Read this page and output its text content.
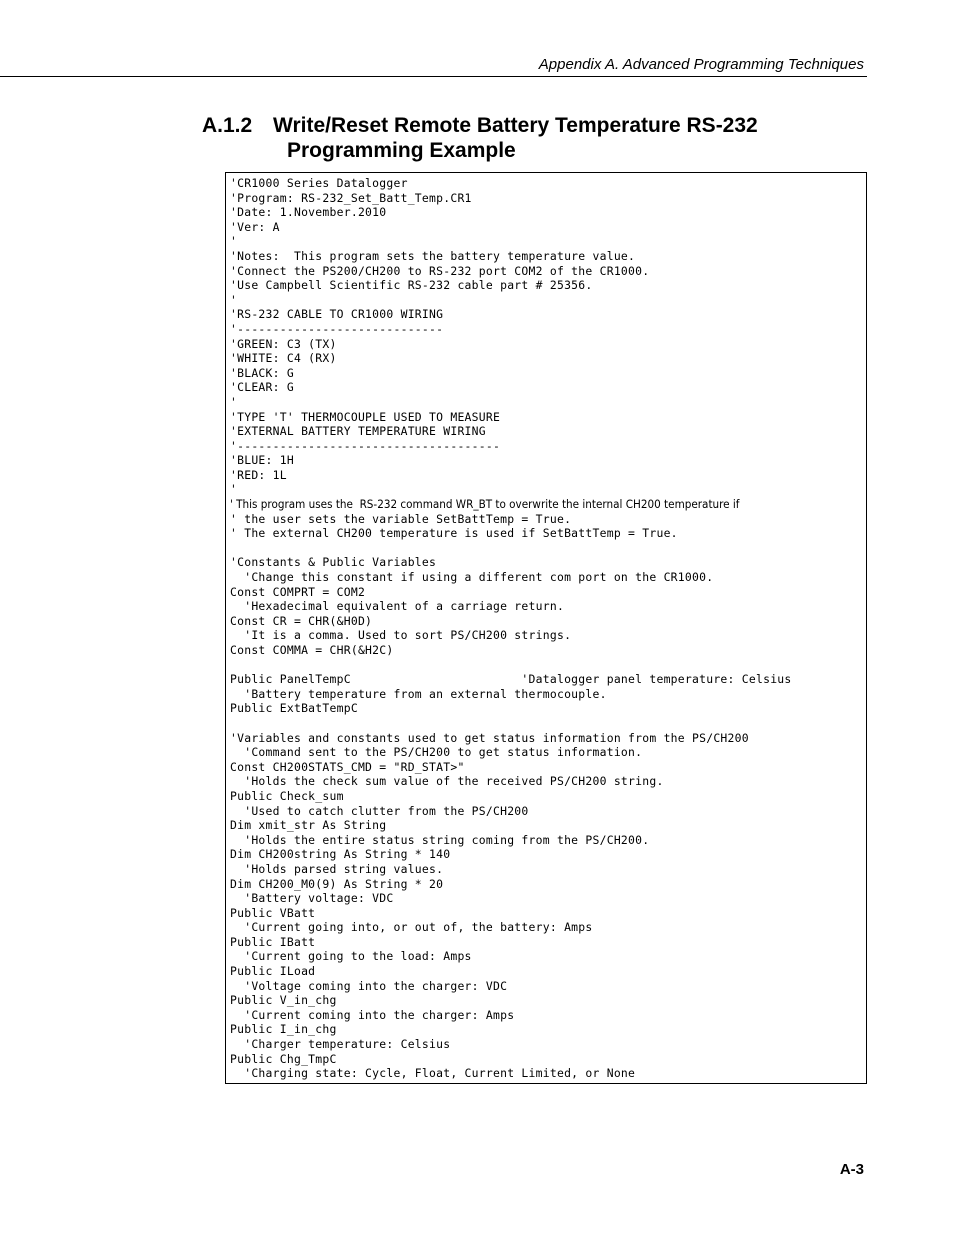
Appendix A. Advanced Programming Techniques
A.1.2 Write/Reset Remote Battery Temperature RS-232
Programming Example
'CR1000 Series Datalogger
'Program: RS-232_Set_Batt_Temp.CR1
'Date: 1.November.2010
'Ver: A
'
'Notes:  This program sets the battery temperature value.
'Connect the PS200/CH200 to RS-232 port COM2 of the CR1000.
'Use Campbell Scientific RS-232 cable part # 25356.
'
'RS-232 CABLE TO CR1000 WIRING
'-----------------------------
'GREEN: C3 (TX)
'WHITE: C4 (RX)
'BLACK: G
'CLEAR: G
'
'TYPE 'T' THERMOCOUPLE USED TO MEASURE
'EXTERNAL BATTERY TEMPERATURE WIRING
'-------------------------------------
'BLUE: 1H
'RED: 1L
'
' This program uses the  RS-232 command WR_BT to overwrite the internal CH200 temperature if
' the user sets the variable SetBattTemp = True.
' The external CH200 temperature is used if SetBattTemp = True.
'Constants & Public Variables
'Change this constant if using a different com port on the CR1000.
Const COMPRT = COM2
'Hexadecimal equivalent of a carriage return.
Const CR = CHR(&H0D)
'It is a comma. Used to sort PS/CH200 strings.
Const COMMA = CHR(&H2C)
Public PanelTempC                        'Datalogger panel temperature: Celsius
'Battery temperature from an external thermocouple.
Public ExtBatTempC
'Variables and constants used to get status information from the PS/CH200
'Command sent to the PS/CH200 to get status information.
Const CH200STATS_CMD = "RD_STAT>"
'Holds the check sum value of the received PS/CH200 string.
Public Check_sum
'Used to catch clutter from the PS/CH200
Dim xmit_str As String
'Holds the entire status string coming from the PS/CH200.
Dim CH200string As String * 140
'Holds parsed string values.
Dim CH200_M0(9) As String * 20
'Battery voltage: VDC
Public VBatt
'Current going into, or out of, the battery: Amps
Public IBatt
'Current going to the load: Amps
Public ILoad
'Voltage coming into the charger: VDC
Public V_in_chg
'Current coming into the charger: Amps
Public I_in_chg
'Charger temperature: Celsius
Public Chg_TmpC
'Charging state: Cycle, Float, Current Limited, or None
A-3
